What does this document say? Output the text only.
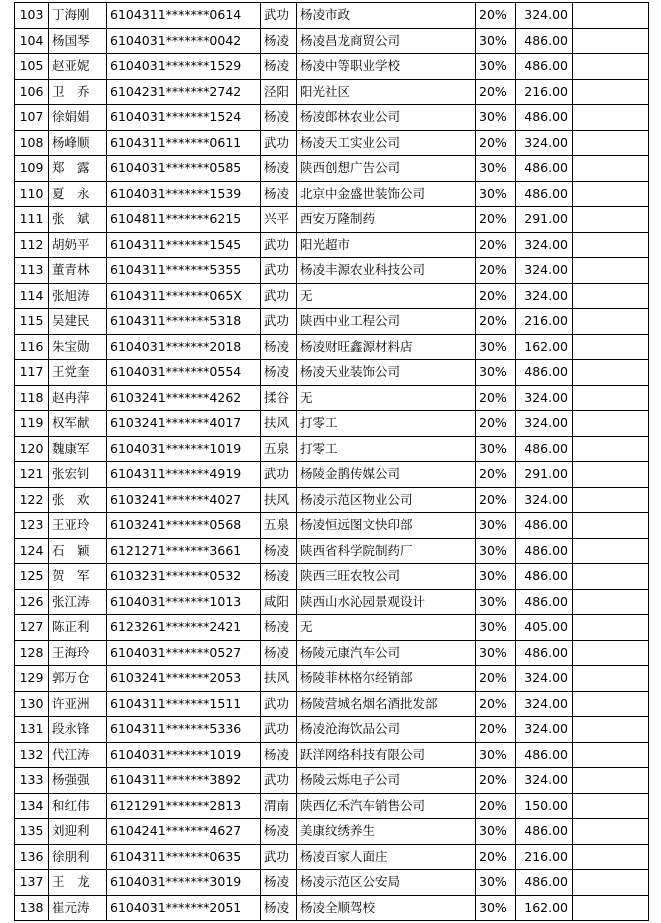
103	丁海刚	6104311*******0614	武功	杨凌市政	20%	324.00	
104	杨国琴	6104031*******0042	杨凌	杨凌昌龙商贸公司	30%	486.00	
105	赵亚妮	6104031*******1529	杨凌	杨凌中等职业学校	30%	486.00	
106	卫　乔	6104231*******2742	泾阳	阳光社区	20%	216.00	
107	徐娟娟	6104031*******1524	杨凌	杨凌郎林农业公司	30%	486.00	
108	杨峰顺	6104311*******0611	武功	杨凌天工实业公司	20%	324.00	
109	郑　露	6104031*******0585	杨凌	陕西创想广告公司	30%	486.00	
110	夏　永	6104031*******1539	杨凌	北京中金盛世装饰公司	30%	486.00	
111	张　斌	6104811*******6215	兴平	西安万隆制药	20%	291.00	
112	胡奶平	6104311*******1545	武功	阳光超市	20%	324.00	
113	董青林	6104311*******5355	武功	杨凌丰源农业科技公司	20%	324.00	
114	张旭涛	6104311*******065X	武功	无	20%	324.00	
115	吴建民	6104311*******5318	武功	陕西中业工程公司	20%	216.00	
116	朱宝勋	6104031*******2018	杨凌	杨凌财旺鑫源材料店	30%	162.00	
117	王党奎	6104031*******0554	杨凌	杨凌天业装饰公司	30%	486.00	
118	赵冉萍	6103241*******4262	揉谷	无	20%	324.00	
119	权军献	6103241*******4017	扶风	打零工	20%	324.00	
120	魏康军	6104031*******1019	五泉	打零工	30%	486.00	
121	张宏钊	6104311*******4919	武功	杨陵金鹊传媒公司	20%	291.00	
122	张　欢	6103241*******4027	扶风	杨凌示范区物业公司	20%	324.00	
123	王亚玲	6103241*******0568	五泉	杨凌恒远图文快印部	30%	486.00	
124	石　颖	6121271*******3661	杨凌	陕西省科学院制药厂	30%	486.00	
125	贺　军	6103231*******0532	杨凌	陕西三旺农牧公司	30%	486.00	
126	张江涛	6104031*******1013	咸阳	陕西山水沁园景观设计	30%	486.00	
127	陈正利	6123261*******2421	杨凌	无	30%	405.00	
128	王海玲	6104031*******0527	杨凌	杨陵元康汽车公司	30%	486.00	
129	郭万仓	6103241*******2053	扶风	杨陵菲林格尔经销部	20%	324.00	
130	许亚洲	6104311*******1511	武功	杨陵营城名烟名酒批发部	20%	324.00	
131	段永锋	6104311*******5336	武功	杨凌沧海饮品公司	20%	324.00	
132	代江涛	6104031*******1019	杨凌	跃洋网络科技有限公司	30%	486.00	
133	杨强强	6104311*******3892	武功	杨陵云烁电子公司	20%	324.00	
134	和红伟	6121291*******2813	渭南	陕西亿禾汽车销售公司	20%	150.00	
135	刘迎利	6104241*******4627	杨凌	美康纹绣养生	30%	486.00	
136	徐朋利	6104311*******0635	武功	杨凌百家人面庄	20%	216.00	
137	王　龙	6104031*******3019	杨凌	杨凌示范区公安局	30%	486.00	
138	崔元涛	6104031*******2051	杨凌	杨凌全顺驾校	30%	162.00	
